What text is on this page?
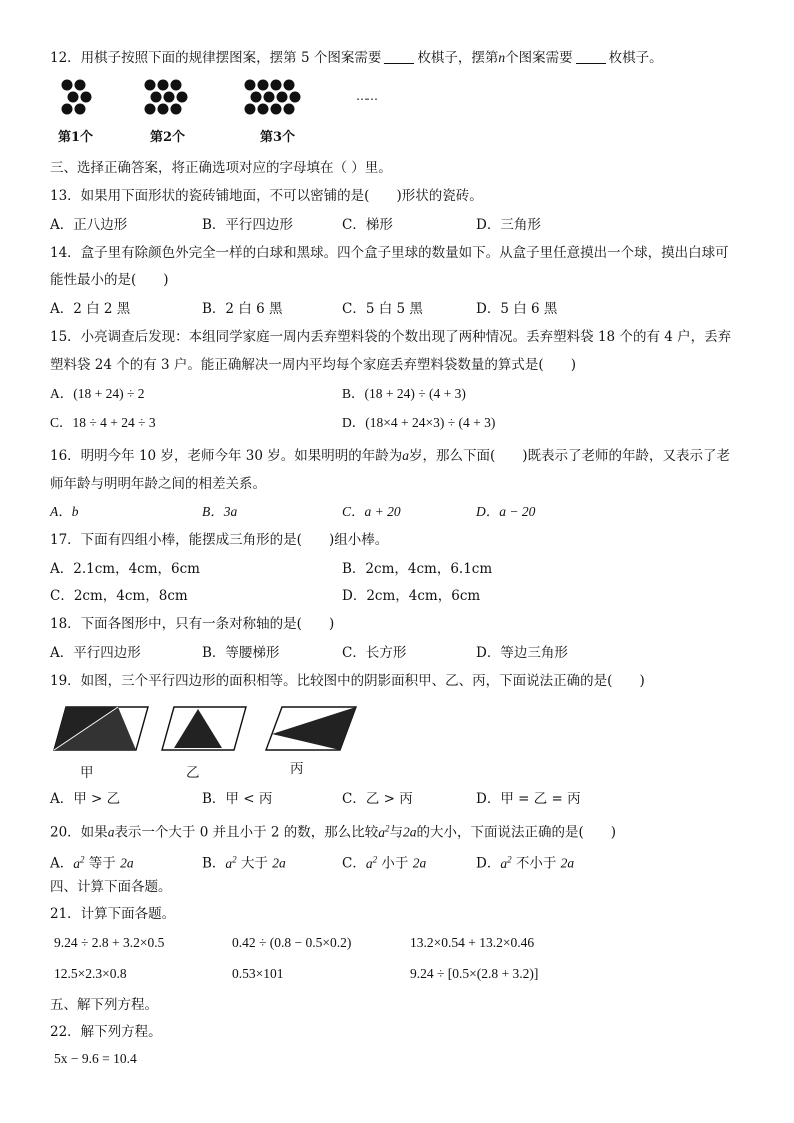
12．用棋子按照下面的规律摆图案，摆第 5 个图案需要	枚棋子，摆第n个图案需要	枚棋子。
……
第1个	第2个	第3个
三、选择正确答案，将正确选项对应的字母填在（ ）里。
13．如果用下面形状的瓷砖铺地面，不可以密铺的是(　　)形状的瓷砖。
A．正八边形	B．平行四边形	C．梯形	D．三角形
14．盒子里有除颜色外完全一样的白球和黑球。四个盒子里球的数量如下。从盒子里任意摸出一个球，摸出白球可
能性最小的是(　　)
A．2 白 2 黑	B．2 白 6 黑	C．5 白 5 黑	D．5 白 6 黑
15．小亮调查后发现：本组同学家庭一周内丢弃塑料袋的个数出现了两种情况。丢弃塑料袋 18 个的有 4 户，丢弃
塑料袋 24 个的有 3 户。能正确解决一周内平均每个家庭丢弃塑料袋数量的算式是(　　)
A．(18 + 24) ÷ 2	B．(18 + 24) ÷ (4 + 3)
C．18 ÷ 4 + 24 ÷ 3	D．(18×4 + 24×3) ÷ (4 + 3)
16．明明今年 10 岁，老师今年 30 岁。如果明明的年龄为a岁，那么下面(　　)既表示了老师的年龄，又表示了老
师年龄与明明年龄之间的相差关系。
A．b	B．3a	C．a + 20	D．a − 20
17．下面有四组小棒，能摆成三角形的是(　　)组小棒。
A．2.1cm，4cm，6cm	B．2cm，4cm，6.1cm
C．2cm，4cm，8cm	D．2cm，4cm，6cm
18．下面各图形中，只有一条对称轴的是(　　)
A．平行四边形	B．等腰梯形	C．长方形	D．等边三角形
19．如图，三个平行四边形的面积相等。比较图中的阴影面积甲、乙、丙，下面说法正确的是(　　)
甲	乙	丙
A．甲 > 乙	B．甲 < 丙	C．乙 > 丙	D．甲 = 乙 = 丙
20．如果a表示一个大于 0 并且小于 2 的数，那么比较$a^2$与2a的大小，下面说法正确的是(　　)
A．$a^2$ 等于 2a	B．$a^2$ 大于 2a	C．$a^2$ 小于 2a	D．$a^2$ 不小于 2a
四、计算下面各题。
21．计算下面各题。
9.24 ÷ 2.8 + 3.2×0.5	0.42 ÷ (0.8 − 0.5×0.2)	13.2×0.54 + 13.2×0.46
12.5×2.3×0.8	0.53×101	9.24 ÷ [0.5×(2.8 + 3.2)]
五、解下列方程。
22．解下列方程。
5x − 9.6 = 10.4
